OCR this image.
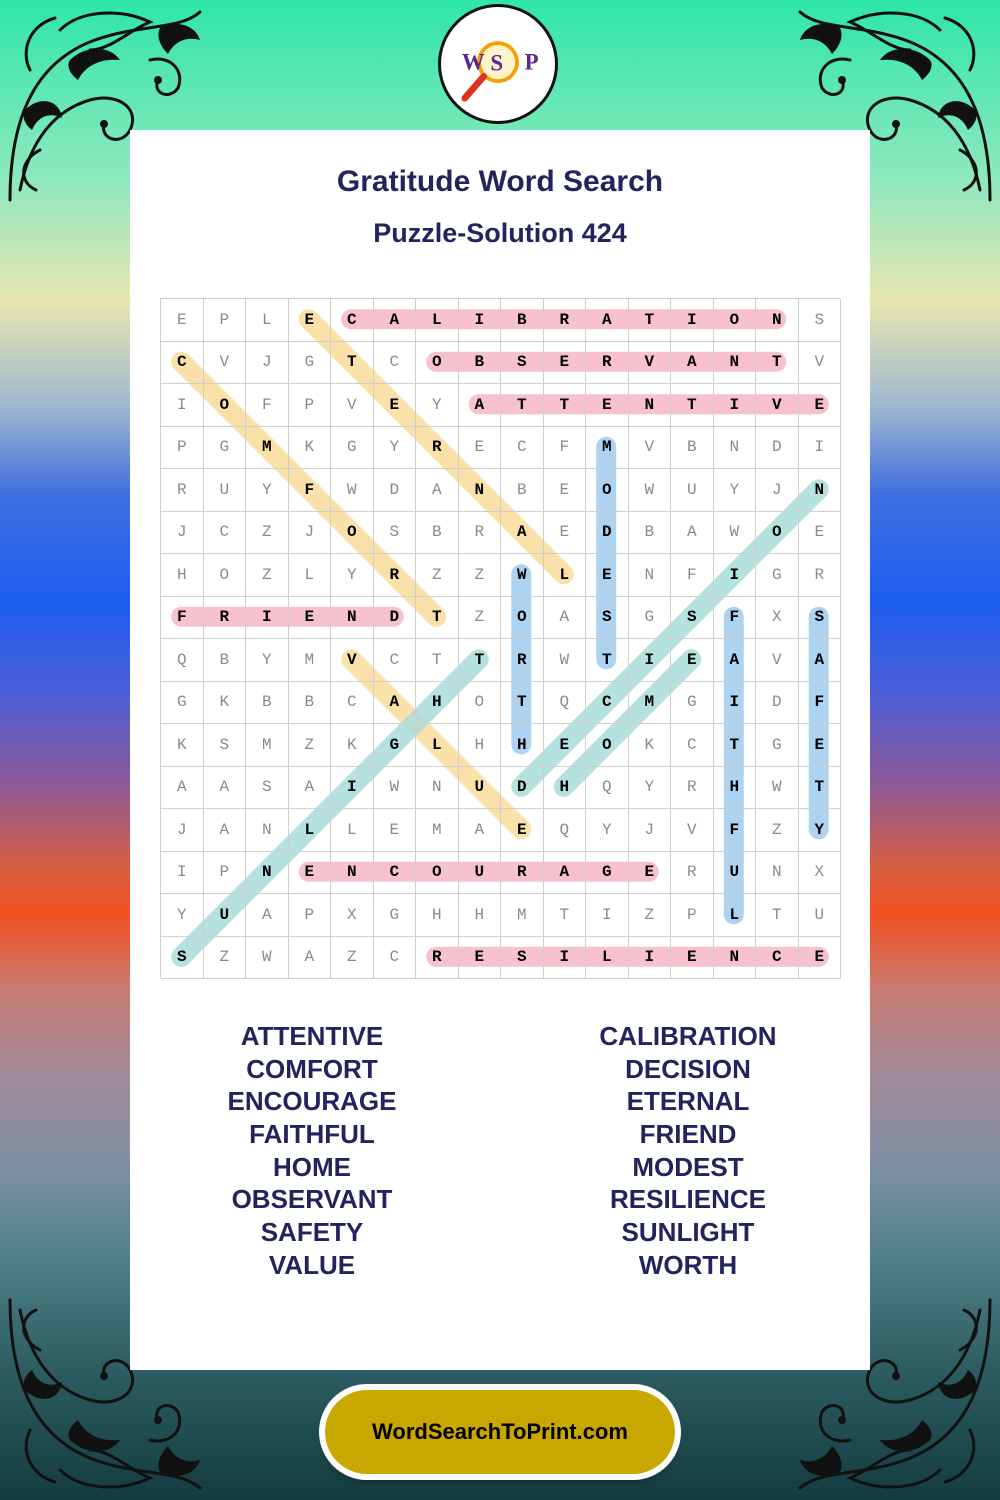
W S P
Gratitude Word Search
Puzzle-Solution 424
E	P	L	E	C	A	L	I	B	R	A	T	I	O	N	S
C	V	J	G	T	C	O	B	S	E	R	V	A	N	T	V
I	O	F	P	V	E	Y	A	T	T	E	N	T	I	V	E
P	G	M	K	G	Y	R	E	C	F	M	V	B	N	D	I
R	U	Y	F	W	D	A	N	B	E	O	W	U	Y	J	N
J	C	Z	J	O	S	B	R	A	E	D	B	A	W	O	E
H	O	Z	L	Y	R	Z	Z	W	L	E	N	F	I	G	R
F	R	I	E	N	D	T	Z	O	A	S	G	S	F	X	S
Q	B	Y	M	V	C	T	T	R	W	T	I	E	A	V	A
G	K	B	B	C	A	H	O	T	Q	C	M	G	I	D	F
K	S	M	Z	K	G	L	H	H	E	O	K	C	T	G	E
A	A	S	A	I	W	N	U	D	H	Q	Y	R	H	W	T
J	A	N	L	L	E	M	A	E	Q	Y	J	V	F	Z	Y
I	P	N	E	N	C	O	U	R	A	G	E	R	U	N	X
Y	U	A	P	X	G	H	H	M	T	I	Z	P	L	T	U
S	Z	W	A	Z	C	R	E	S	I	L	I	E	N	C	E
ATTENTIVE
COMFORT
ENCOURAGE
FAITHFUL
HOME
OBSERVANT
SAFETY
VALUE
CALIBRATION
DECISION
ETERNAL
FRIEND
MODEST
RESILIENCE
SUNLIGHT
WORTH
WordSearchToPrint.com
